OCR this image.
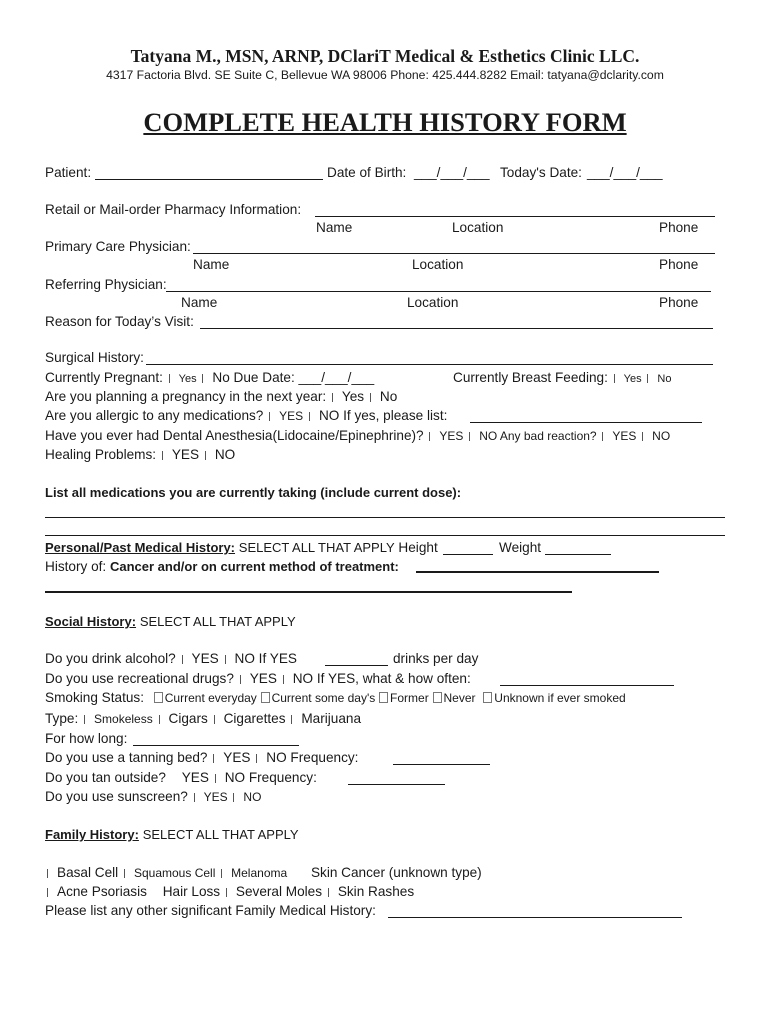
Tatyana M., MSN, ARNP, DClariT Medical & Esthetics Clinic LLC.
4317 Factoria Blvd. SE Suite C, Bellevue WA 98006 Phone: 425.444.8282 Email: tatyana@dclarity.com
COMPLETE HEALTH HISTORY FORM
Patient:	Date of Birth: ___/___/___ Today's Date: ___/___/___
Retail or Mail-order Pharmacy Information:
Name	Location	Phone
Primary Care Physician:
Name	Location	Phone
Referring Physician:
Name	Location	Phone
Reason for Today’s Visit:
Surgical History:
Currently Pregnant: Yes No Due Date: ___/___/___	Currently Breast Feeding: Yes No
Are you planning a pregnancy in the next year: Yes No
Are you allergic to any medications? YES NO If yes, please list:
Have you ever had Dental Anesthesia(Lidocaine/Epinephrine)? YES NO Any bad reaction? YES NO
Healing Problems: YES NO
List all medications you are currently taking (include current dose):
Personal/Past Medical History: SELECT ALL THAT APPLY Height	Weight
History of: Cancer and/or on current method of treatment:
Social History: SELECT ALL THAT APPLY
Do you drink alcohol? YES NO If YES	drinks per day
Do you use recreational drugs? YES NO If YES, what & how often:
Smoking Status: Current everyday Current some day's Former Never Unknown if ever smoked
Type: Smokeless Cigars Cigarettes Marijuana
For how long:
Do you use a tanning bed? YES NO Frequency:
Do you tan outside? YES NO Frequency:
Do you use sunscreen? YES NO
Family History: SELECT ALL THAT APPLY
Basal Cell Squamous Cell Melanoma Skin Cancer (unknown type)
Acne Psoriasis Hair Loss Several Moles Skin Rashes
Please list any other significant Family Medical History:
